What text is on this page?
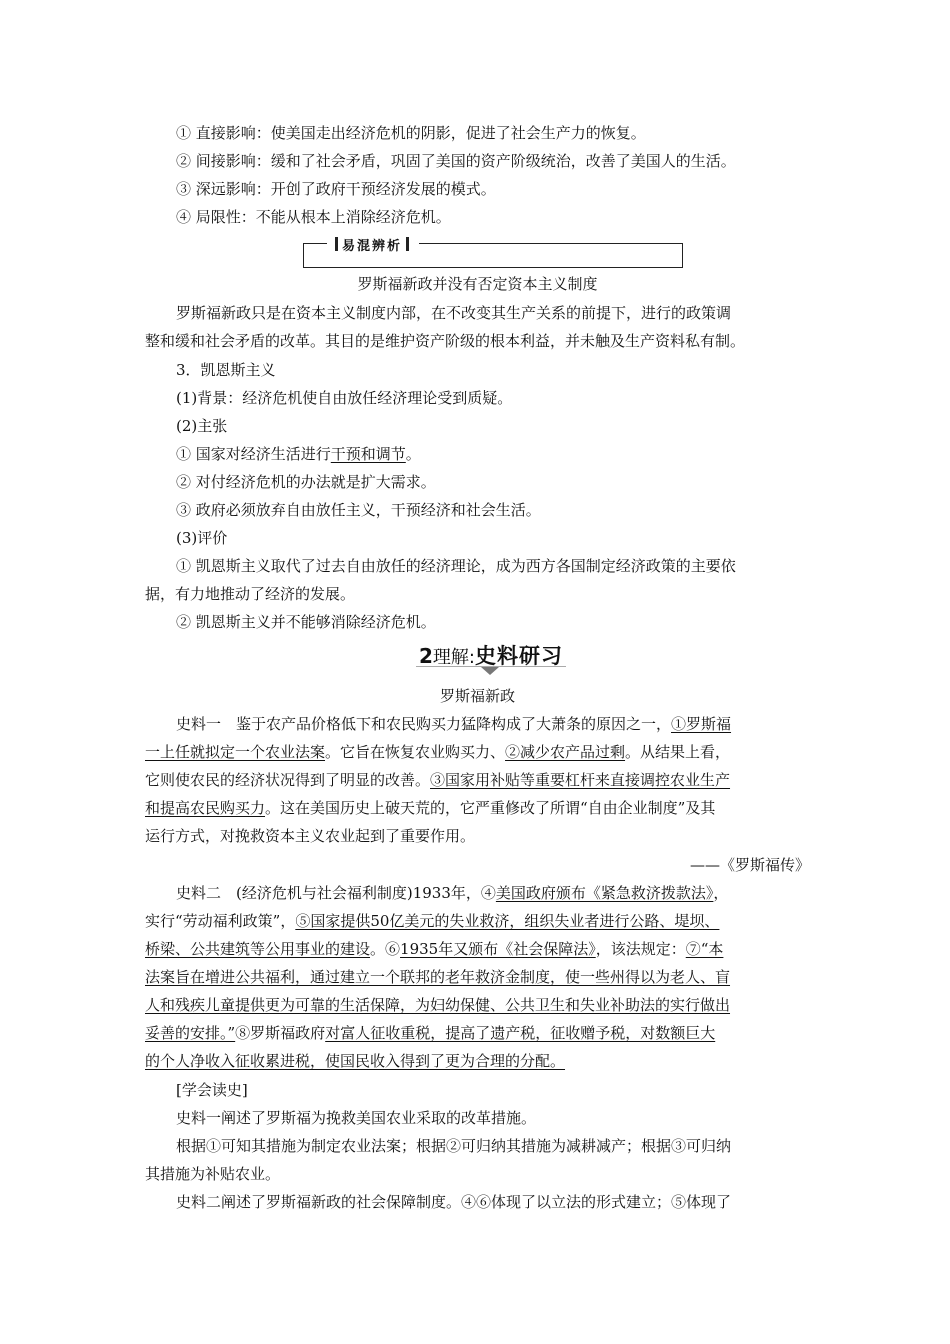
① 直接影响：使美国走出经济危机的阴影，促进了社会生产力的恢复。
② 间接影响：缓和了社会矛盾，巩固了美国的资产阶级统治，改善了美国人的生活。
③ 深远影响：开创了政府干预经济发展的模式。
④ 局限性：不能从根本上消除经济危机。
易混辨析
罗斯福新政并没有否定资本主义制度
罗斯福新政只是在资本主义制度内部，在不改变其生产关系的前提下，进行的政策调
整和缓和社会矛盾的改革。其目的是维护资产阶级的根本利益，并未触及生产资料私有制。
3．凯恩斯主义
(1)背景：经济危机使自由放任经济理论受到质疑。
(2)主张
① 国家对经济生活进行干预和调节。
② 对付经济危机的办法就是扩大需求。
③ 政府必须放弃自由放任主义，干预经济和社会生活。
(3)评价
① 凯恩斯主义取代了过去自由放任的经济理论，成为西方各国制定经济政策的主要依
据，有力地推动了经济的发展。
② 凯恩斯主义并不能够消除经济危机。
2 理解 : 史料研习
罗斯福新政
史料一　鉴于农产品价格低下和农民购买力猛降构成了大萧条的原因之一，①罗斯福
一上任就拟定一个农业法案。它旨在恢复农业购买力、②减少农产品过剩。从结果上看，
它则使农民的经济状况得到了明显的改善。③国家用补贴等重要杠杆来直接调控农业生产
和提高农民购买力。这在美国历史上破天荒的，它严重修改了所谓“自由企业制度”及其
运行方式，对挽救资本主义农业起到了重要作用。
——《罗斯福传》
史料二　(经济危机与社会福利制度)1933年，④美国政府颁布《紧急救济拨款法》，
实行“劳动福利政策”，⑤国家提供50亿美元的失业救济，组织失业者进行公路、堤坝、
桥梁、公共建筑等公用事业的建设。⑥1935年又颁布《社会保障法》，该法规定：⑦“本
法案旨在增进公共福利，通过建立一个联邦的老年救济金制度，使一些州得以为老人、盲
人和残疾儿童提供更为可靠的生活保障，为妇幼保健、公共卫生和失业补助法的实行做出
妥善的安排。”⑧罗斯福政府对富人征收重税，提高了遗产税，征收赠予税，对数额巨大
的个人净收入征收累进税，使国民收入得到了更为合理的分配。
[学会读史]
史料一阐述了罗斯福为挽救美国农业采取的改革措施。
根据①可知其措施为制定农业法案；根据②可归纳其措施为减耕减产；根据③可归纳
其措施为补贴农业。
史料二阐述了罗斯福新政的社会保障制度。④⑥体现了以立法的形式建立；⑤体现了
